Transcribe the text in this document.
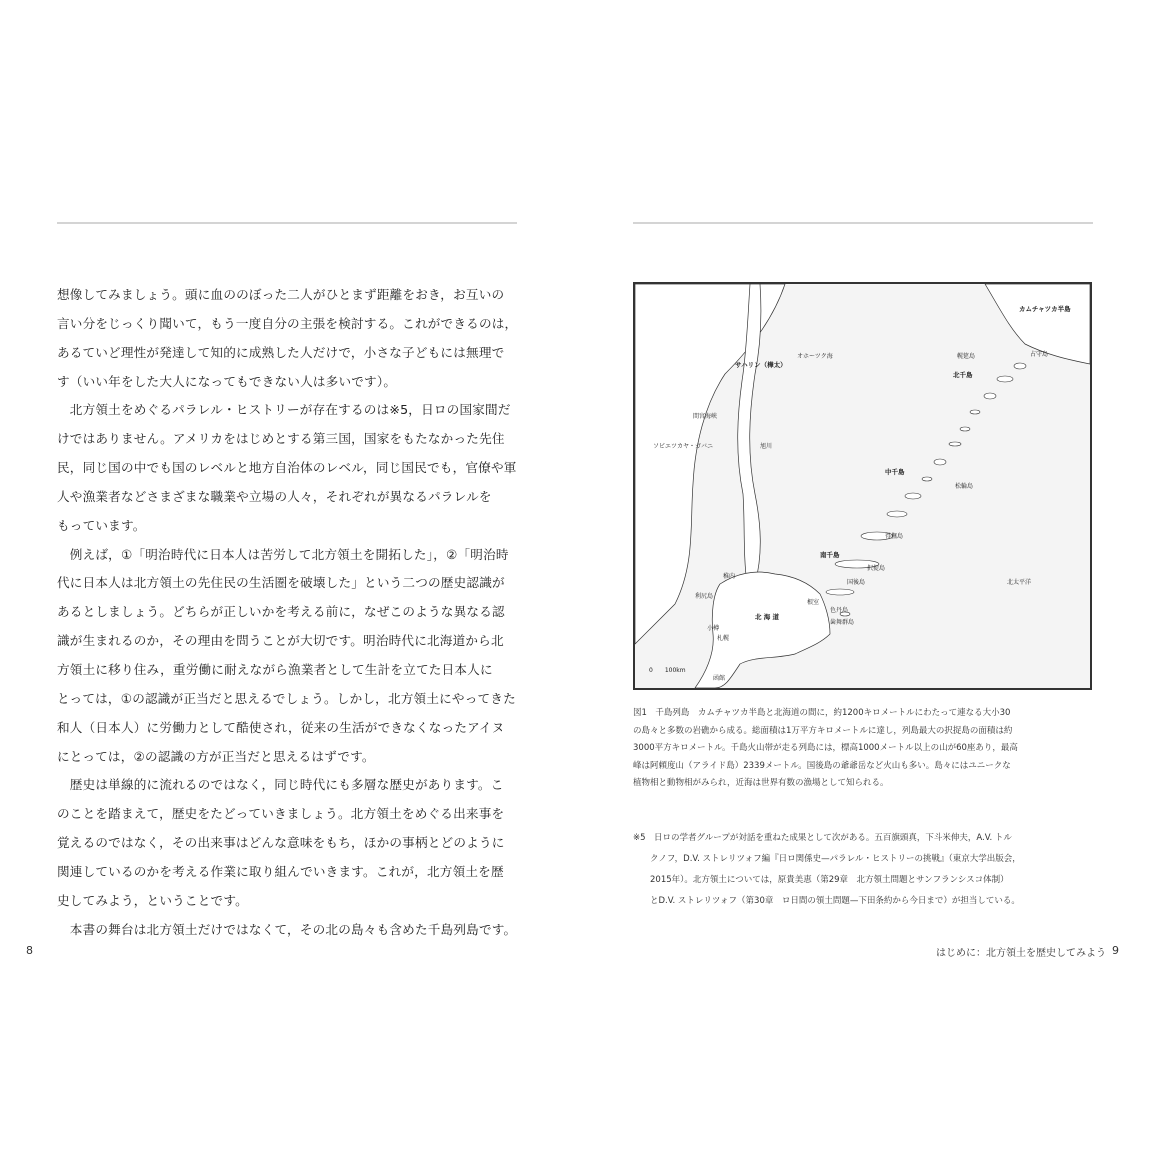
想像してみましょう。頭に血ののぼった二人がひとまず距離をおき，お互いの
言い分をじっくり聞いて，もう一度自分の主張を検討する。これができるのは，
あるていど理性が発達して知的に成熟した人だけで，小さな子どもには無理で
す（いい年をした大人になってもできない人は多いです）。
　北方領土をめぐるパラレル・ヒストリーが存在するのは※5，日ロの国家間だ
けではありません。アメリカをはじめとする第三国，国家をもたなかった先住
民，同じ国の中でも国のレベルと地方自治体のレベル，同じ国民でも，官僚や軍
人や漁業者などさまざまな職業や立場の人々，それぞれが異なるパラレルを
もっています。
　例えば，①「明治時代に日本人は苦労して北方領土を開拓した」，②「明治時
代に日本人は北方領土の先住民の生活圏を破壊した」という二つの歴史認識が
あるとしましょう。どちらが正しいかを考える前に，なぜこのような異なる認
識が生まれるのか，その理由を問うことが大切です。明治時代に北海道から北
方領土に移り住み，重労働に耐えながら漁業者として生計を立てた日本人に
とっては，①の認識が正当だと思えるでしょう。しかし，北方領土にやってきた
和人（日本人）に労働力として酷使され，従来の生活ができなくなったアイヌ
にとっては，②の認識の方が正当だと思えるはずです。
　歴史は単線的に流れるのではなく，同じ時代にも多層な歴史があります。こ
のことを踏まえて，歴史をたどっていきましょう。北方領土をめぐる出来事を
覚えるのではなく，その出来事はどんな意味をもち，ほかの事柄とどのように
関連しているのかを考える作業に取り組んでいきます。これが，北方領土を歴
史してみよう，ということです。
　本書の舞台は北方領土だけではなくて，その北の島々も含めた千島列島です。
8
カムチャツカ半島
オホーツク海
サハリン（樺太）
間宮海峡
ソビエツカヤ・ガバニ
北千島
中千島
南千島
北太平洋
北 海 道
稚内
利尻島
札幌
小樽
函館
根室
択捉島
国後島
色丹島
歯舞群島
占守島
幌筵島
得撫島
松輪島
旭川
0　　100km
図1　千島列島　カムチャツカ半島と北海道の間に，約1200キロメートルにわたって連なる大小30
の島々と多数の岩礁から成る。総面積は1万平方キロメートルに達し，列島最大の択捉島の面積は約
3000平方キロメートル。千島火山帯が走る列島には，標高1000メートル以上の山が60座あり，最高
峰は阿頼度山（アライド島）2339メートル。国後島の爺爺岳など火山も多い。島々にはユニークな
植物相と動物相がみられ，近海は世界有数の漁場として知られる。
※5　日ロの学者グループが対話を重ねた成果として次がある。五百旗頭真，下斗米伸夫，A.V. トル
　　クノフ，D.V. ストレリツォフ編『日ロ関係史—パラレル・ヒストリーの挑戦』（東京大学出版会，
　　2015年）。北方領土については，原貴美恵（第29章　北方領土問題とサンフランシスコ体制）
　　とD.V. ストレリツォフ（第30章　ロ日間の領土問題—下田条約から今日まで）が担当している。
はじめに：北方領土を歴史してみよう 9
